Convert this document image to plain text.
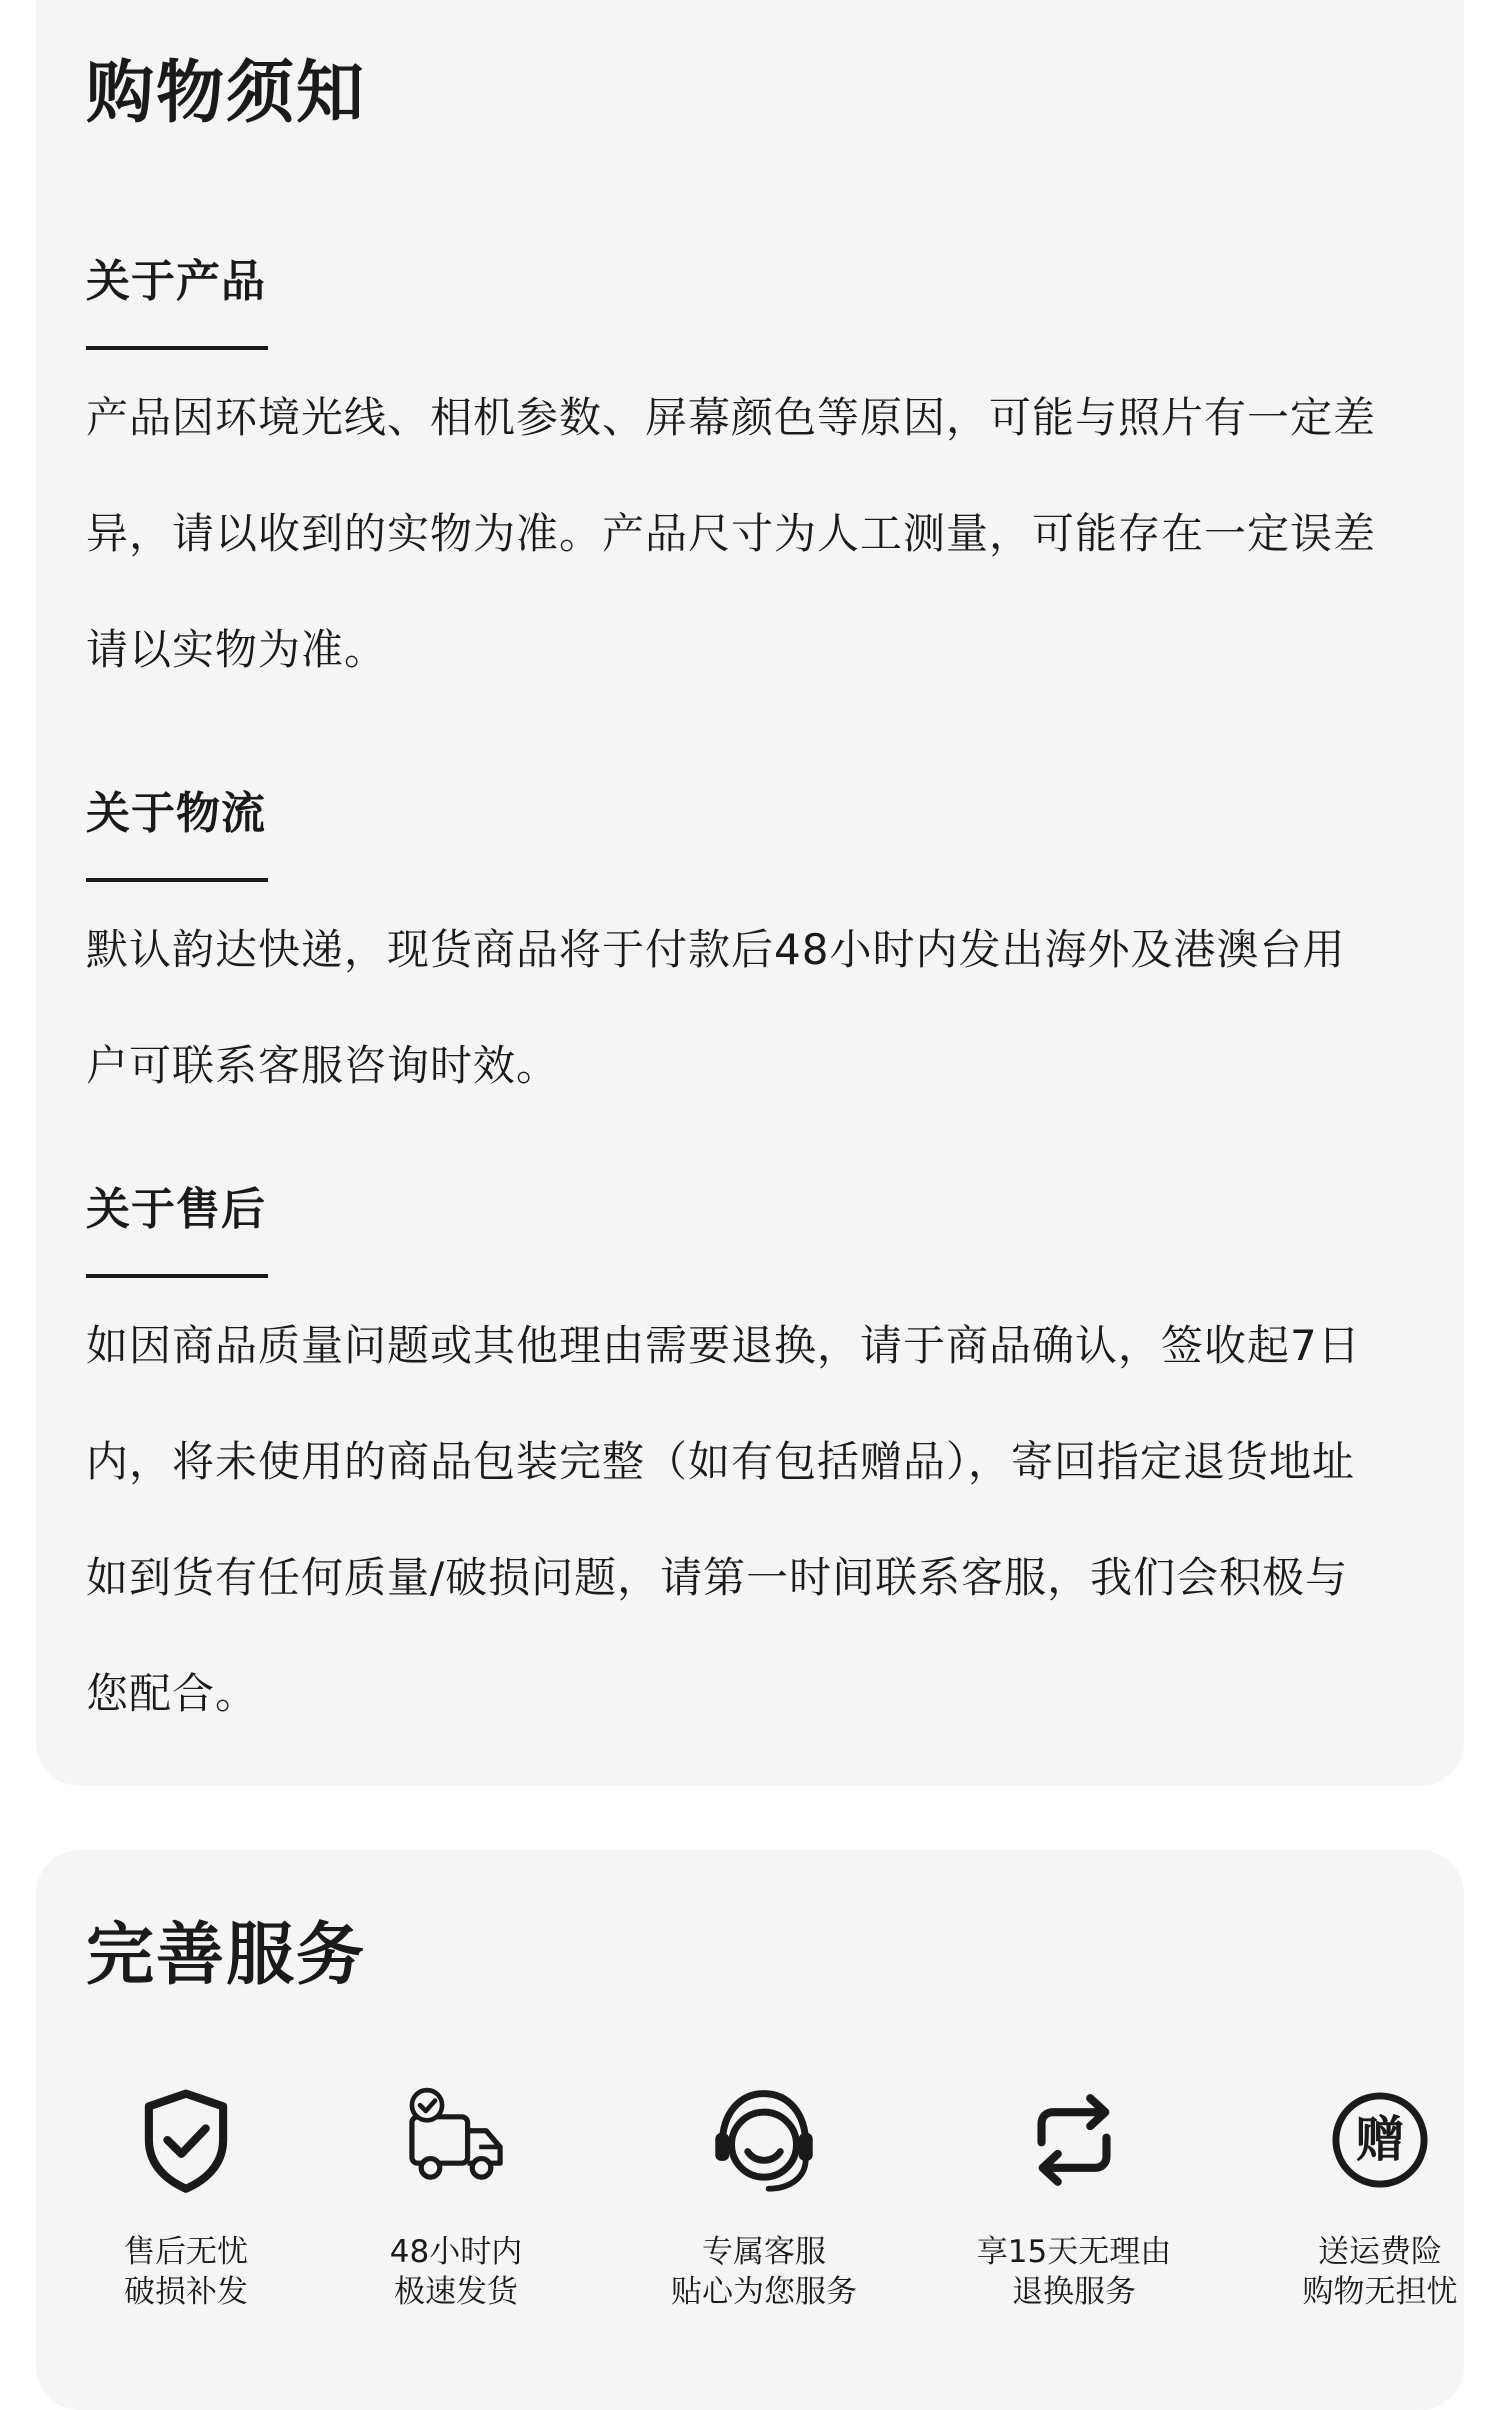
购物须知
关于产品

产品因环境光线、相机参数、屏幕颜色等原因，可能与照片有一定差
异，请以收到的实物为准。产品尺寸为人工测量，可能存在一定误差
请以实物为准。

关于物流

默认韵达快递，现货商品将于付款后48小时内发出海外及港澳台用
户可联系客服咨询时效。

关于售后

如因商品质量问题或其他理由需要退换，请于商品确认，签收起7日
内，将未使用的商品包装完整（如有包括赠品），寄回指定退货地址
如到货有任何质量/破损问题，请第一时间联系客服，我们会积极与
您配合。

完善服务
售后无忧
破损补发
48小时内
极速发货
专属客服
贴心为您服务
享15天无理由
退换服务
赠
送运费险
购物无担忧
